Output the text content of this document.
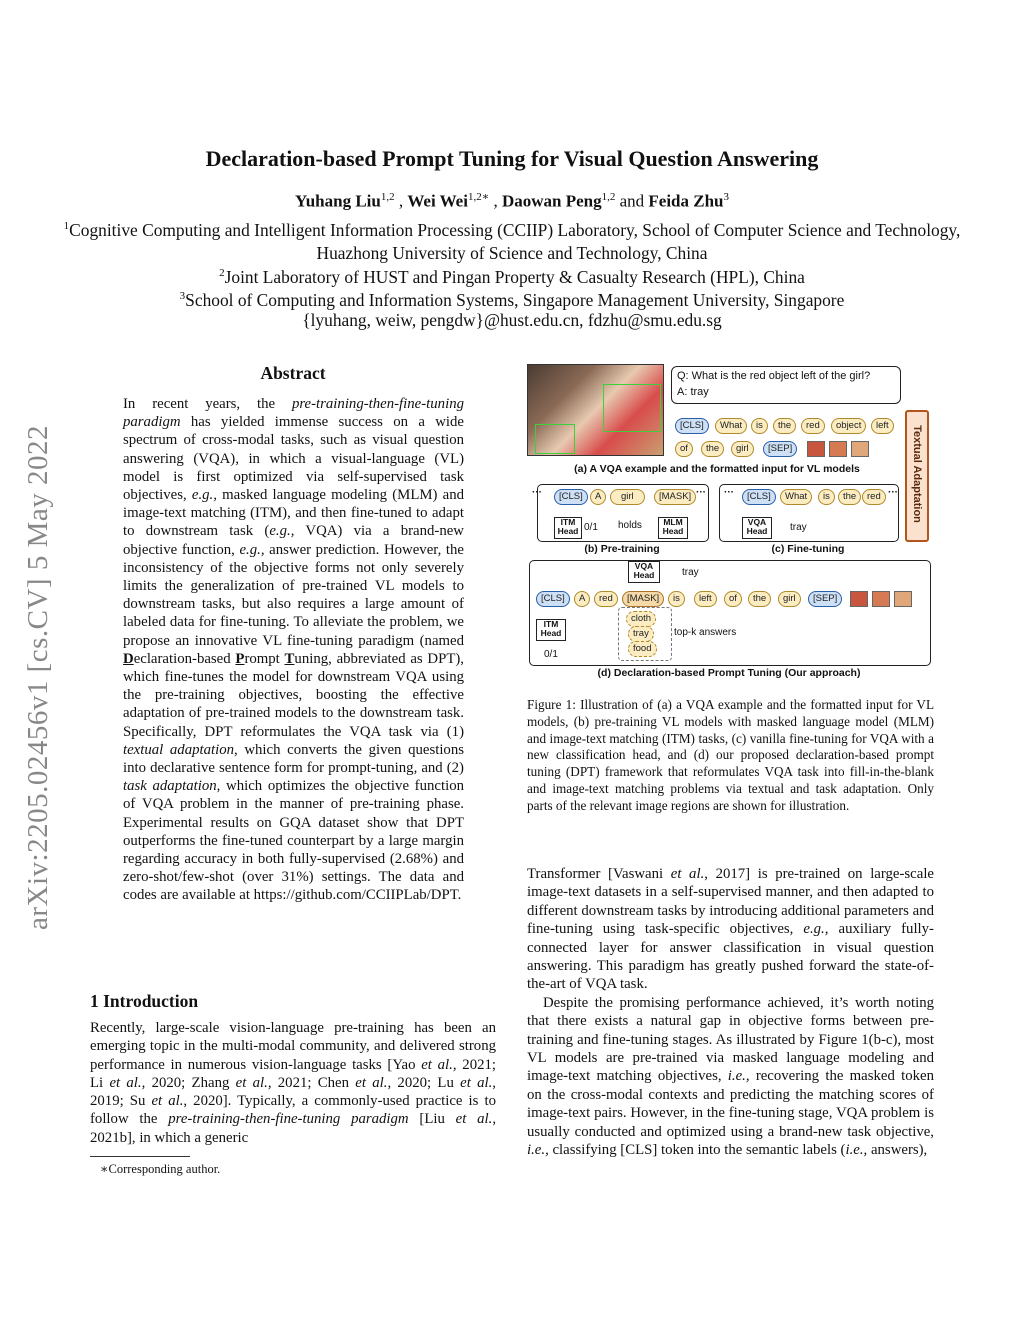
Declaration-based Prompt Tuning for Visual Question Answering
Yuhang Liu$^{1,2}$ , Wei Wei$^{1,2∗}$ , Daowan Peng$^{1,2}$ and Feida Zhu$^3$
$^1$Cognitive Computing and Intelligent Information Processing (CCIIP) Laboratory, School of Computer Science and Technology, Huazhong University of Science and Technology, China
$^2$Joint Laboratory of HUST and Pingan Property & Casualty Research (HPL), China
$^3$School of Computing and Information Systems, Singapore Management University, Singapore
{lyuhang, weiw, pengdw}@hust.edu.cn, fdzhu@smu.edu.sg
arXiv:2205.02456v1 [cs.CV] 5 May 2022
Abstract
In recent years, the pre-training-then-fine-tuning paradigm has yielded immense success on a wide spectrum of cross-modal tasks, such as visual question answering (VQA), in which a visual-language (VL) model is first optimized via self-supervised task objectives, e.g., masked language modeling (MLM) and image-text matching (ITM), and then fine-tuned to adapt to downstream task (e.g., VQA) via a brand-new objective function, e.g., answer prediction. However, the inconsistency of the objective forms not only severely limits the generalization of pre-trained VL models to downstream tasks, but also requires a large amount of labeled data for fine-tuning. To alleviate the problem, we propose an innovative VL fine-tuning paradigm (named Declaration-based Prompt Tuning, abbreviated as DPT), which fine-tunes the model for downstream VQA using the pre-training objectives, boosting the effective adaptation of pre-trained models to the downstream task. Specifically, DPT reformulates the VQA task via (1) textual adaptation, which converts the given questions into declarative sentence form for prompt-tuning, and (2) task adaptation, which optimizes the objective function of VQA problem in the manner of pre-training phase. Experimental results on GQA dataset show that DPT outperforms the fine-tuned counterpart by a large margin regarding accuracy in both fully-supervised (2.68%) and zero-shot/few-shot (over 31%) settings. The data and codes are available at https://github.com/CCIIPLab/DPT.
1 Introduction
Recently, large-scale vision-language pre-training has been an emerging topic in the multi-modal community, and delivered strong performance in numerous vision-language tasks [Yao et al., 2021; Li et al., 2020; Zhang et al., 2021; Chen et al., 2020; Lu et al., 2019; Su et al., 2020]. Typically, a commonly-used practice is to follow the pre-training-then-fine-tuning paradigm [Liu et al., 2021b], in which a generic
∗Corresponding author.
Q: What is the red object left of the girl?
A: tray
[CLS]	What	is	the	red	object	left
of	the	girl	[SEP]
(a) A VQA example and the formatted input for VL models	Textual Adaptation
···	[CLS]	A	girl	[MASK] ···
ITM Head 0/1 holds	MLM Head
(b) Pre-training
···	[CLS]	What	is	the	red ···
VQA Head	tray
(c) Fine-tuning
VQA Head	tray
[CLS]	A	red	[MASK]	is	left	of	the	girl	[SEP]
ITM Head
0/1
cloth
tray
food
top-k answers
(d) Declaration-based Prompt Tuning (Our approach)
Figure 1: Illustration of (a) a VQA example and the formatted input for VL models, (b) pre-training VL models with masked language model (MLM) and image-text matching (ITM) tasks, (c) vanilla fine-tuning for VQA with a new classification head, and (d) our proposed declaration-based prompt tuning (DPT) framework that reformulates VQA task into fill-in-the-blank and image-text matching problems via textual and task adaptation. Only parts of the relevant image regions are shown for illustration.

Transformer [Vaswani et al., 2017] is pre-trained on large-scale image-text datasets in a self-supervised manner, and then adapted to different downstream tasks by introducing additional parameters and fine-tuning using task-specific objectives, e.g., auxiliary fully-connected layer for answer classification in visual question answering. This paradigm has greatly pushed forward the state-of-the-art of VQA task.

Despite the promising performance achieved, it’s worth noting that there exists a natural gap in objective forms between pre-training and fine-tuning stages. As illustrated by Figure 1(b-c), most VL models are pre-trained via masked language modeling and image-text matching objectives, i.e., recovering the masked token on the cross-modal contexts and predicting the matching scores of image-text pairs. However, in the fine-tuning stage, VQA problem is usually conducted and optimized using a brand-new task objective, i.e., classifying [CLS] token into the semantic labels (i.e., answers),
